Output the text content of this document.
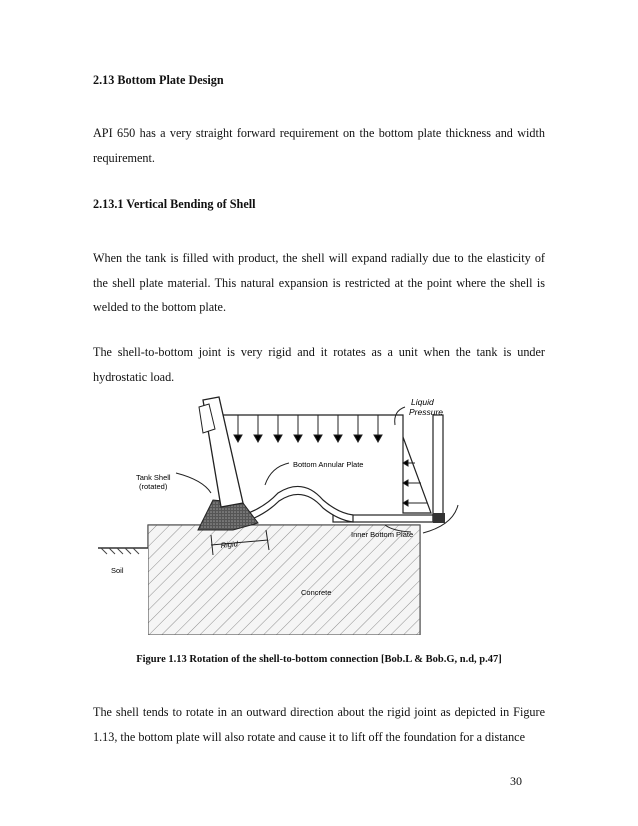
2.13 Bottom Plate Design
API 650 has a very straight forward requirement on the bottom plate thickness and width requirement.
2.13.1 Vertical Bending of Shell
When the tank is filled with product, the shell will expand radially due to the elasticity of the shell plate material. This natural expansion is restricted at the point where the shell is welded to the bottom plate.
The shell-to-bottom joint is very rigid and it rotates as a unit when the tank is under hydrostatic load.
Liquid
Pressure
Tank Shell
(rotated)
Bottom Annular Plate
Rigid
Inner Bottom Plate
Soil
Concrete
Figure 1.13 Rotation of the shell-to-bottom connection [Bob.L & Bob.G, n.d, p.47]
The shell tends to rotate in an outward direction about the rigid joint as depicted in Figure 1.13, the bottom plate will also rotate and cause it to lift off the foundation for a distance
30
